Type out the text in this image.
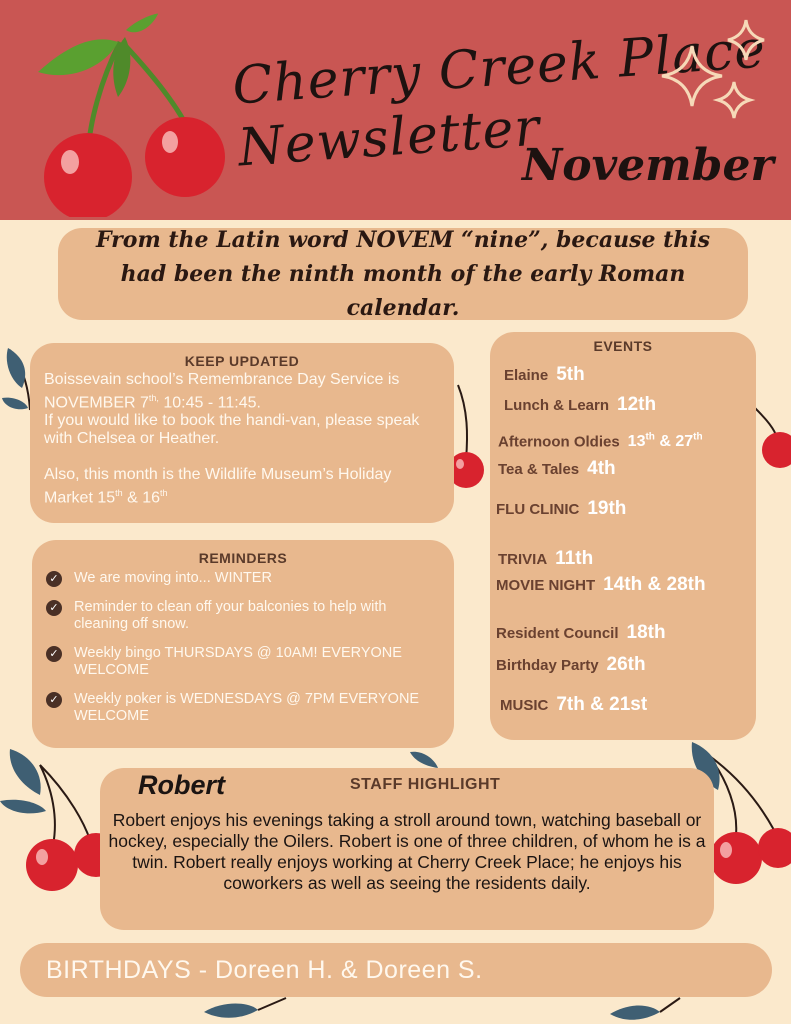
Cherry Creek Place
Newsletter
November
From the Latin word NOVEM “nine”, because this had been the ninth month of the early Roman calendar.
KEEP UPDATED

Boissevain school’s Remembrance Day Service is NOVEMBER $7^{th,}$ 10:45 - 11:45.

If you would like to book the handi-van, please speak with Chelsea or Heather.

Also, this month is the Wildlife Museum’s Holiday Market 15th & 16th

REMINDERS
✓ We are moving into... WINTER
✓ Reminder to clean off your balconies to help with cleaning off snow.
✓ Weekly bingo THURSDAYS @ 10AM! EVERYONE WELCOME
✓ Weekly poker is WEDNESDAYS @ 7PM EVERYONE WELCOME
EVENTS
Elaine 5th
Lunch & Learn 12th
Afternoon Oldies 13th & 27th
Tea & Tales 4th
FLU CLINIC 19th
TRIVIA 11th
MOVIE NIGHT 14th & 28th
Resident Council 18th
Birthday Party 26th
MUSIC 7th & 21st
Robert	STAFF HIGHLIGHT
Robert enjoys his evenings taking a stroll around town, watching baseball or hockey, especially the Oilers. Robert is one of three children, of whom he is a twin. Robert really enjoys working at Cherry Creek Place; he enjoys his coworkers as well as seeing the residents daily.
BIRTHDAYS - Doreen H. & Doreen S.
